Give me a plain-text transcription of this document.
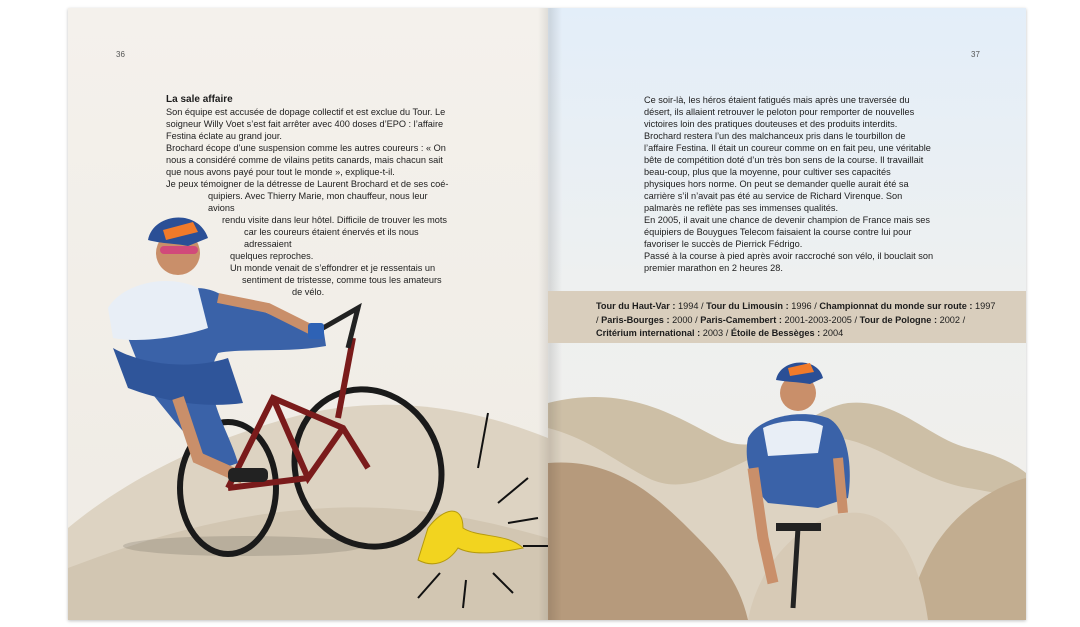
36

La sale affaire

Son équipe est accusée de dopage collectif et est exclue du Tour. Le soigneur Willy Voet s’est fait arrêter avec 400 doses d’EPO : l’affaire Festina éclate au grand jour.

Brochard écope d’une suspension comme les autres coureurs : « On nous a considéré comme de vilains petits canards, mais chacun sait que nous avons payé pour tout le monde », explique-t-il.

Je peux témoigner de la détresse de Laurent Brochard et de ses coé-

quipiers. Avec Thierry Marie, mon chauffeur, nous leur avions

rendu visite dans leur hôtel. Difficile de trouver les mots

car les coureurs étaient énervés et ils nous adressaient

quelques reproches.

Un monde venait de s’effondrer et je ressentais un

sentiment de tristesse, comme tous les amateurs

de vélo.

37

Ce soir-là, les héros étaient fatigués mais après une traversée du désert, ils allaient retrouver le peloton pour remporter de nouvelles victoires loin des pratiques douteuses et des produits interdits.

Brochard restera l’un des malchanceux pris dans le tourbillon de l’affaire Festina. Il était un coureur comme on en fait peu, une véritable bête de compétition doté d’un très bon sens de la course. Il travaillait beau-coup, plus que la moyenne, pour cultiver ses capacités physiques hors norme. On peut se demander quelle aurait été sa carrière s’il n’avait pas été au service de Richard Virenque. Son palmarès ne reflète pas ses immenses qualités.

En 2005, il avait une chance de devenir champion de France mais ses équipiers de Bouygues Telecom faisaient la course contre lui pour favoriser le succès de Pierrick Fédrigo.

Passé à la course à pied après avoir raccroché son vélo, il bouclait son premier marathon en 2 heures 28.

Tour du Haut-Var : 1994 / Tour du Limousin : 1996 / Championnat du monde sur route : 1997 / Paris-Bourges : 2000 / Paris-Camembert : 2001-2003-2005 / Tour de Pologne : 2002 / Critérium international : 2003 / Étoile de Bessèges : 2004
